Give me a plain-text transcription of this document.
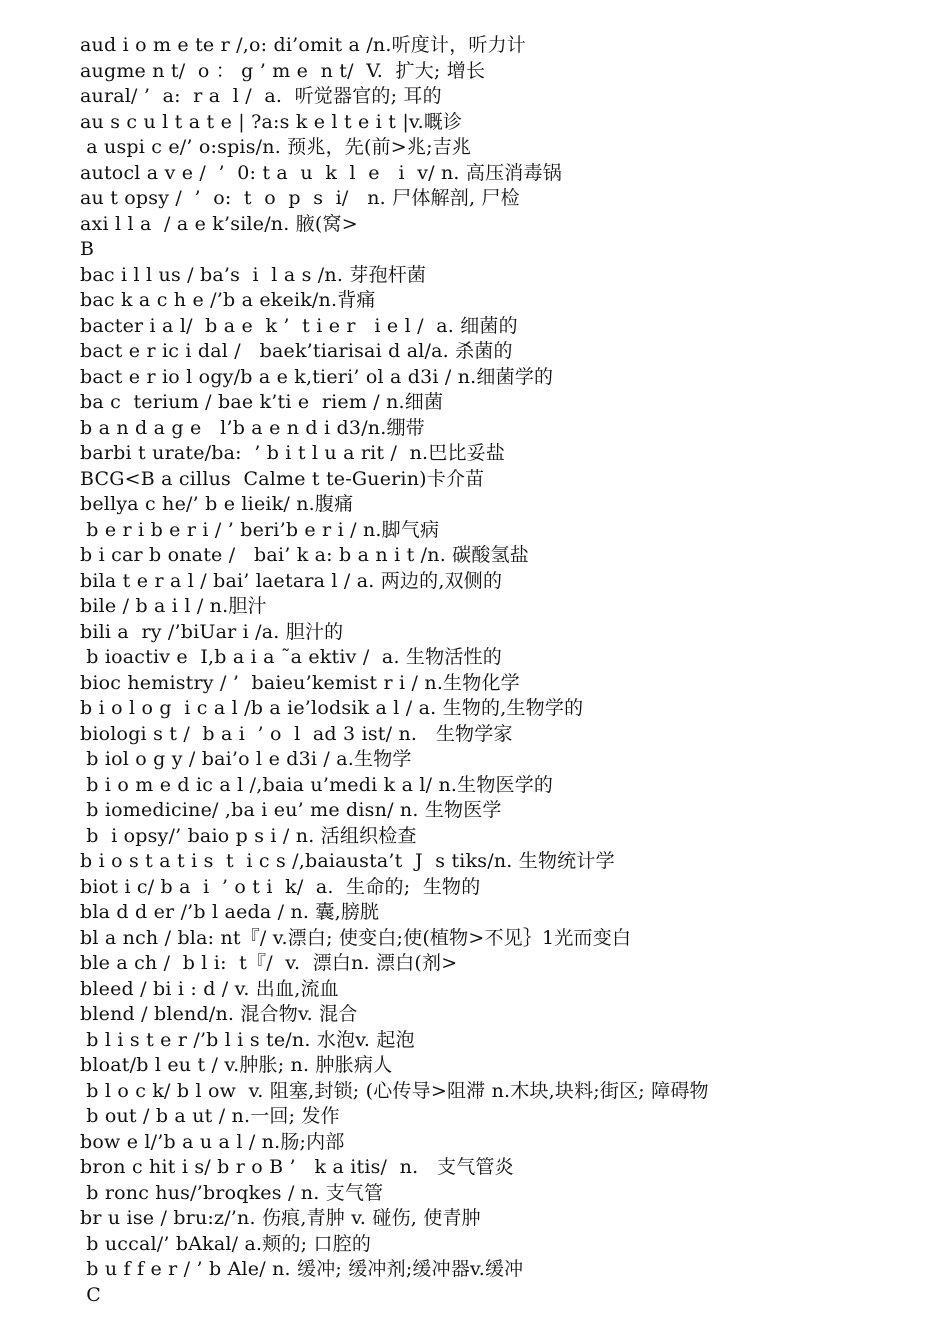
aud i o m e te r /,o: di’omit a /n.听度计，听力计
augme n t/  o ： g ’ m e  n t/  V.  扩大; 增长
aural/ ’  a:  r a  l /  a.  听觉器官的; 耳的
au s c u l t a t e | ?a:s k e l t e i t |v.嘅诊
a uspi c e/’ o:spis/n. 预兆，先(前>兆;吉兆
autocl a v e /  ’  0: t a  u  k  l  e   i  v/ n. 高压消毒锅
au t opsy /  ’  o:  t  o  p  s  i/   n. 尸体解剖, 尸检
axi l l a  / a e k’sile/n. 腋(窝>
B
bac i l l us / ba’s  i  l a s /n. 芽孢杆菌
bac k a c h e /’b a ekeik/n.背痛
bacter i a l/  b a e  k ’  t i e r   i e l /  a. 细菌的
bact e r ic i dal /   baek’tiarisai d al/a. 杀菌的
bact e r io l ogy/b a e k,tieri’ ol a d3i / n.细菌学的
ba c  terium / bae k’ti e  riem / n.细菌
b a n d a g e   l’b a e n d i d3/n.绷带
barbi t urate/ba:  ’ b i t l u a rit /  n.巴比妥盐
BCG<B a cillus  Calme t te-Guerin)卡介苗
bellya c he/’ b e lieik/ n.腹痛
b e r i b e r i / ’ beri’b e r i / n.脚气病
b i car b onate /   bai’ k a: b a n i t /n. 碳酸氢盐
bila t e r a l / bai’ laetara l / a. 两边的,双侧的
bile / b a i l / n.胆汁
bili a  ry /’biUar i /a. 胆汁的
b ioactiv e  I,b a i a ˜a ektiv /  a. 生物活性的
bioc hemistry / ’  baieu’kemist r i / n.生物化学
b i o l o g  i c a l /b a ie’lodsik a l / a. 生物的,生物学的
biologi s t /  b a i  ’ o  l  ad 3 ist/ n.   生物学家
b iol o g y / bai’o l e d3i / a.生物学
b i o m e d ic a l /,baia u’medi k a l/ n.生物医学的
b iomedicine/ ,ba i eu’ me disn/ n. 生物医学
b  i opsy/’ baio p s i / n. 活组织检查
b i o s t a t i s  t  i c s /,baiausta’t  J  s tiks/n. 生物统计学
biot i c/ b a  i  ’ o t i  k/  a.  生命的;  生物的
bla d d er /’b l aeda / n. 囊,膀胱
bl a nch / bla: nt『/ v.漂白; 使变白;使(植物>不见｝1光而变白
ble a ch /  b l i:  t『/  v.  漂白n. 漂白(剂>
bleed / bi i : d / v. 出血,流血
blend / blend/n. 混合物v. 混合
b l i s t e r /’b l i s te/n. 水泡v. 起泡
bloat/b l eu t / v.肿胀; n. 肿胀病人
b l o c k/ b l ow  v. 阻塞,封锁; (心传导>阻滞 n.木块,块料;街区; 障碍物
b out / b a ut / n.一回; 发作
bow e l/’b a u a l / n.肠;内部
bron c hit i s/ b r o B ’   k a itis/  n.   支气管炎
b ronc hus/’broqkes / n. 支气管
br u ise / bru:z/’n. 伤痕,青肿 v. 碰伤, 使青肿
b uccal/’ bAkal/ a.颊的; 口腔的
b u f f e r / ’ b Ale/ n. 缓冲; 缓冲剂;缓冲器v.缓冲
C
